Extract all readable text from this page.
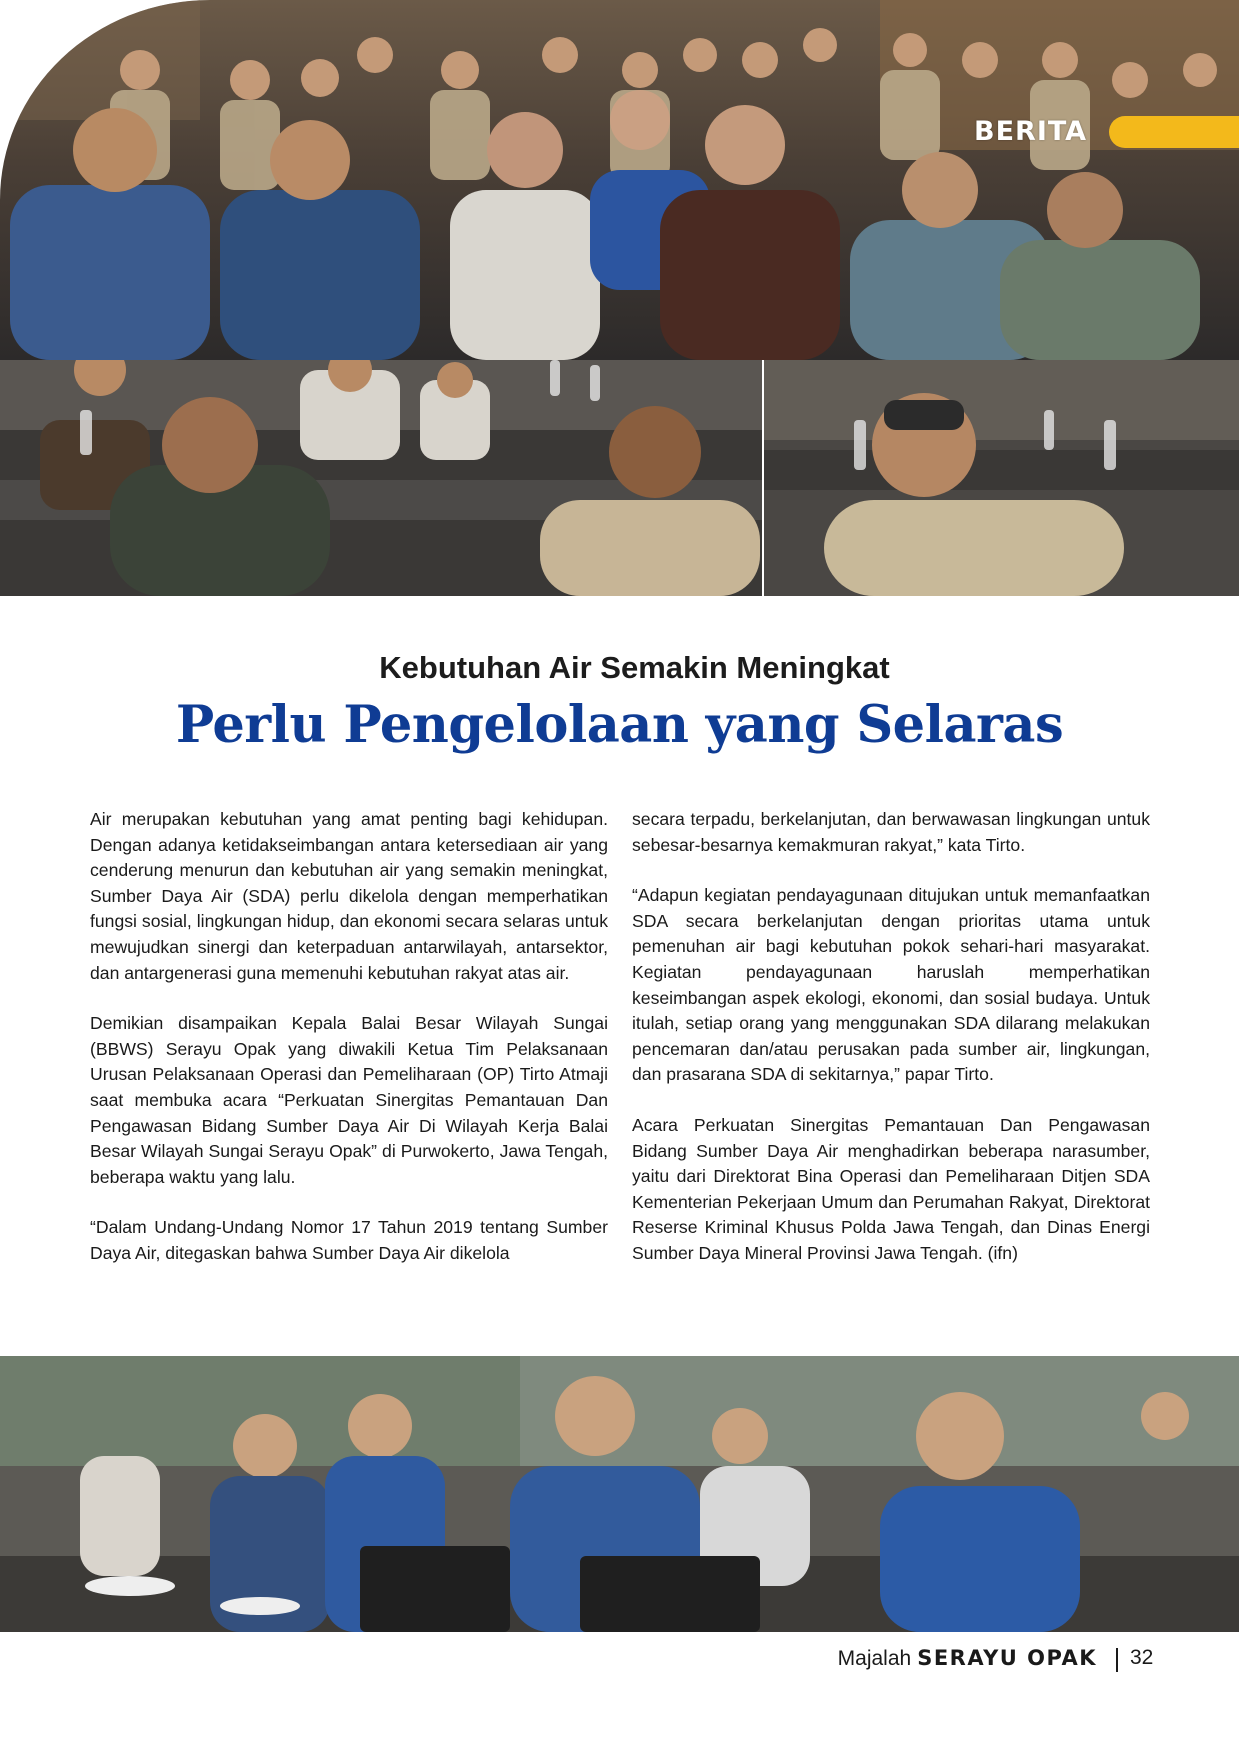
BERITA
Kebutuhan Air Semakin Meningkat
Perlu Pengelolaan yang Selaras

Air merupakan kebutuhan yang amat penting bagi kehidupan. Dengan adanya ketidakseimbangan antara ketersediaan air yang cenderung menurun dan kebutuhan air yang semakin meningkat, Sumber Daya Air (SDA) perlu dikelola dengan memperhatikan fungsi sosial, lingkungan hidup, dan ekonomi secara selaras untuk mewujudkan sinergi dan keterpaduan antarwilayah, antarsektor, dan antargenerasi guna memenuhi kebutuhan rakyat atas air.

Demikian disampaikan Kepala Balai Besar Wilayah Sungai (BBWS) Serayu Opak yang diwakili Ketua Tim Pelaksanaan Urusan Pelaksanaan Operasi dan Pemeliharaan (OP) Tirto Atmaji saat membuka acara “Perkuatan Sinergitas Pemantauan Dan Pengawasan Bidang Sumber Daya Air Di Wilayah Kerja Balai Besar Wilayah Sungai Serayu Opak” di Purwokerto, Jawa Tengah, beberapa waktu yang lalu.

“Dalam Undang-Undang Nomor 17 Tahun 2019 tentang Sumber Daya Air, ditegaskan bahwa Sumber Daya Air dikelola

secara terpadu, berkelanjutan, dan berwawasan lingkungan untuk sebesar-besarnya kemakmuran rakyat,” kata Tirto.

“Adapun kegiatan pendayagunaan ditujukan untuk memanfaatkan SDA secara berkelanjutan dengan prioritas utama untuk pemenuhan air bagi kebutuhan pokok sehari-hari masyarakat. Kegiatan pendayagunaan haruslah memperhatikan keseimbangan aspek ekologi, ekonomi, dan sosial budaya. Untuk itulah, setiap orang yang menggunakan SDA dilarang melakukan pencemaran dan/atau perusakan pada sumber air, lingkungan, dan prasarana SDA di sekitarnya,” papar Tirto.

Acara Perkuatan Sinergitas Pemantauan Dan Pengawasan Bidang Sumber Daya Air menghadirkan beberapa narasumber, yaitu dari Direktorat Bina Operasi dan Pemeliharaan Ditjen SDA Kementerian Pekerjaan Umum dan Perumahan Rakyat, Direktorat Reserse Kriminal Khusus Polda Jawa Tengah, dan Dinas Energi Sumber Daya Mineral Provinsi Jawa Tengah. (ifn)

Majalah SERAYU OPAK 32
